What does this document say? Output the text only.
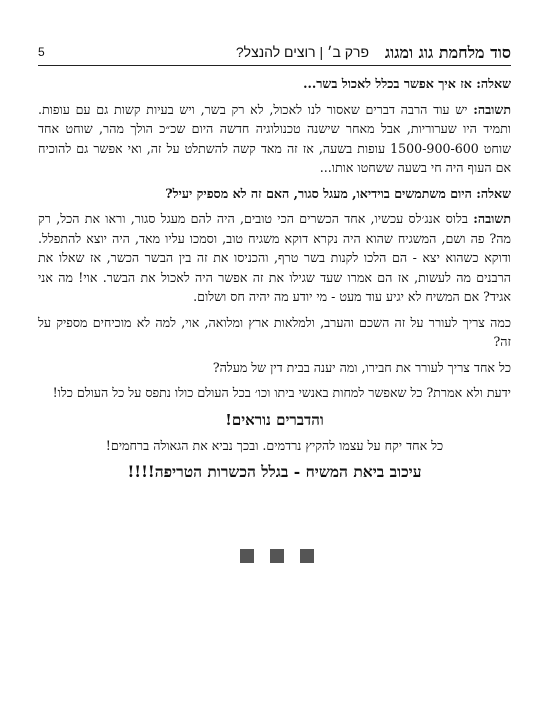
סוד מלחמת גוג ומגוג
פרק ב׳ | רוצים להנצל?
5

שאלה: אז איך אפשר בכלל לאכול בשר...

תשובה: יש עוד הרבה דברים שאסור לנו לאכול, לא רק בשר, ויש בעיות קשות גם עם עופות. ותמיד היו שערוריות, אבל מאחר שישנה טכנולוגיה חדשה היום שכ״כ הולך מהר, שוחט אחד שוחט 1500-900-600 עופות בשעה, אז זה מאד קשה להשתלט על זה, ואי אפשר גם להוכיח אם העוף היה חי בשעה ששחטו אותו...

שאלה: היום משתמשים בוידיאו, מעגל סגור, האם זה לא מספיק יעיל?

תשובה: בלוס אנג׳לס עכשיו, אחד הכשרים הכי טובים, היה להם מעגל סגור, וראו את הכל, רק מה? פה ושם, המשגיח שהוא היה נקרא דוקא משגיח טוב, וסמכו עליו מאד, היה יוצא להתפלל. ודוקא כשהוא יצא - הם הלכו לקנות בשר טרף, והכניסו את זה בין הבשר הכשר, אז שאלו את הרבנים מה לעשות, אז הם אמרו שעד שגילו את זה אפשר היה לאכול את הבשר. אוי! מה אני אגיד? אם המשיח לא יגיע עוד מעט - מי יודע מה יהיה חס ושלום.

כמה צריך לעורר על זה השכם והערב, ולמלאות ארץ ומלואה, אוי, למה לא מוכיחים מספיק על זה?

כל אחד צריך לעורר את חבירו, ומה יענה בבית דין של מעלה?

ידעת ולא אמרת? כל שאפשר למחות באנשי ביתו וכו׳ בכל העולם כולו נתפס על כל העולם כלו!

והדברים נוראים!

כל אחד יקח על עצמו להקיץ נרדמים. ובכך נביא את הגאולה ברחמים!

עיכוב ביאת המשיח - בגלל הכשרות הטריפה!!!!
